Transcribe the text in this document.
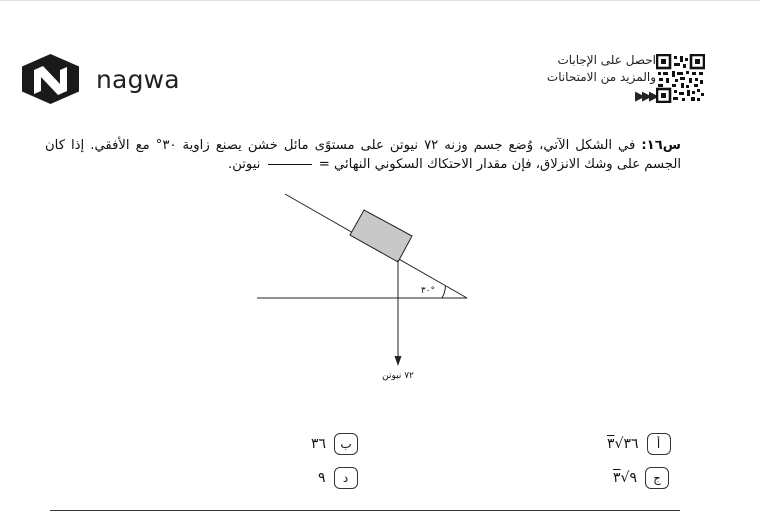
nagwa
احصل على الإجابات
والمزيد من الامتحانات
▶▶▶
س١٦: في الشكل الآتي، وُضع جسم وزنه ٧٢ نيوتن على مستوًى مائل خشن يصنع زاوية ٣٠° مع الأفقي. إذا كان الجسم على وشك الانزلاق، فإن مقدار الاحتكاك السكوني النهائي =  نيوتن.
٣٠°
٧٢ نيوتن
أ
٣٦√٣
ب
٣٦
ج
٩√٣
د
٩
